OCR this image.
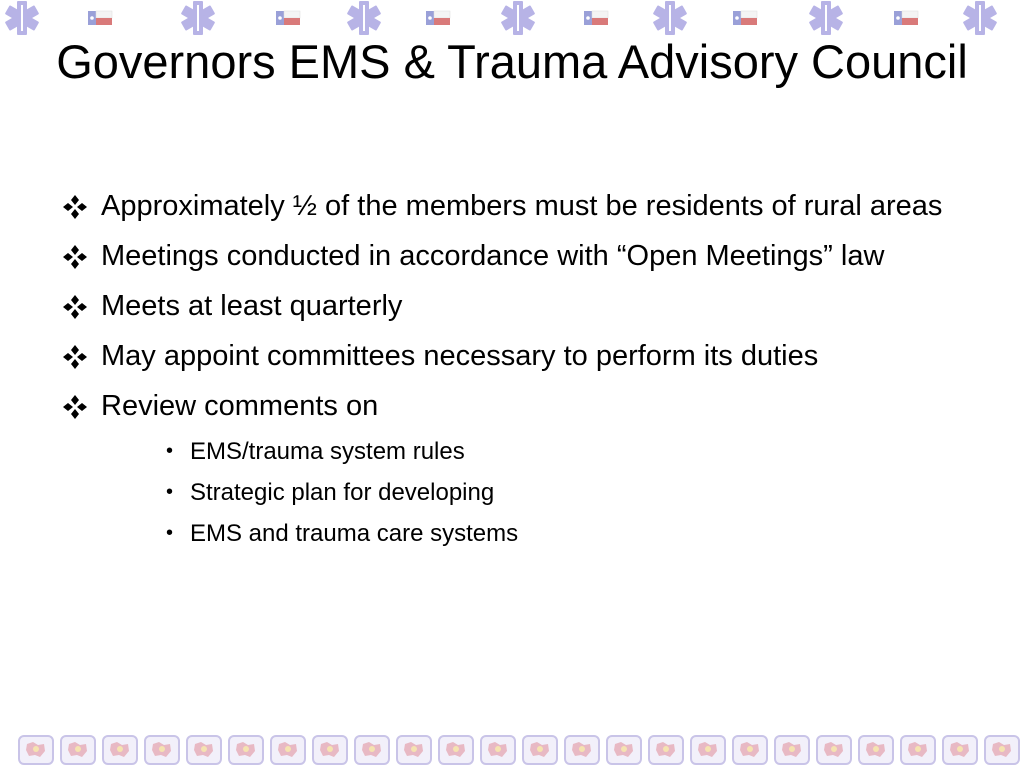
Governors EMS & Trauma Advisory Council
Approximately ½ of the members must be residents of rural areas
Meetings conducted in accordance with “Open Meetings” law
Meets at least quarterly
May appoint committees necessary to perform its duties
Review comments on
• EMS/trauma system rules
• Strategic plan for developing
• EMS and trauma care systems
